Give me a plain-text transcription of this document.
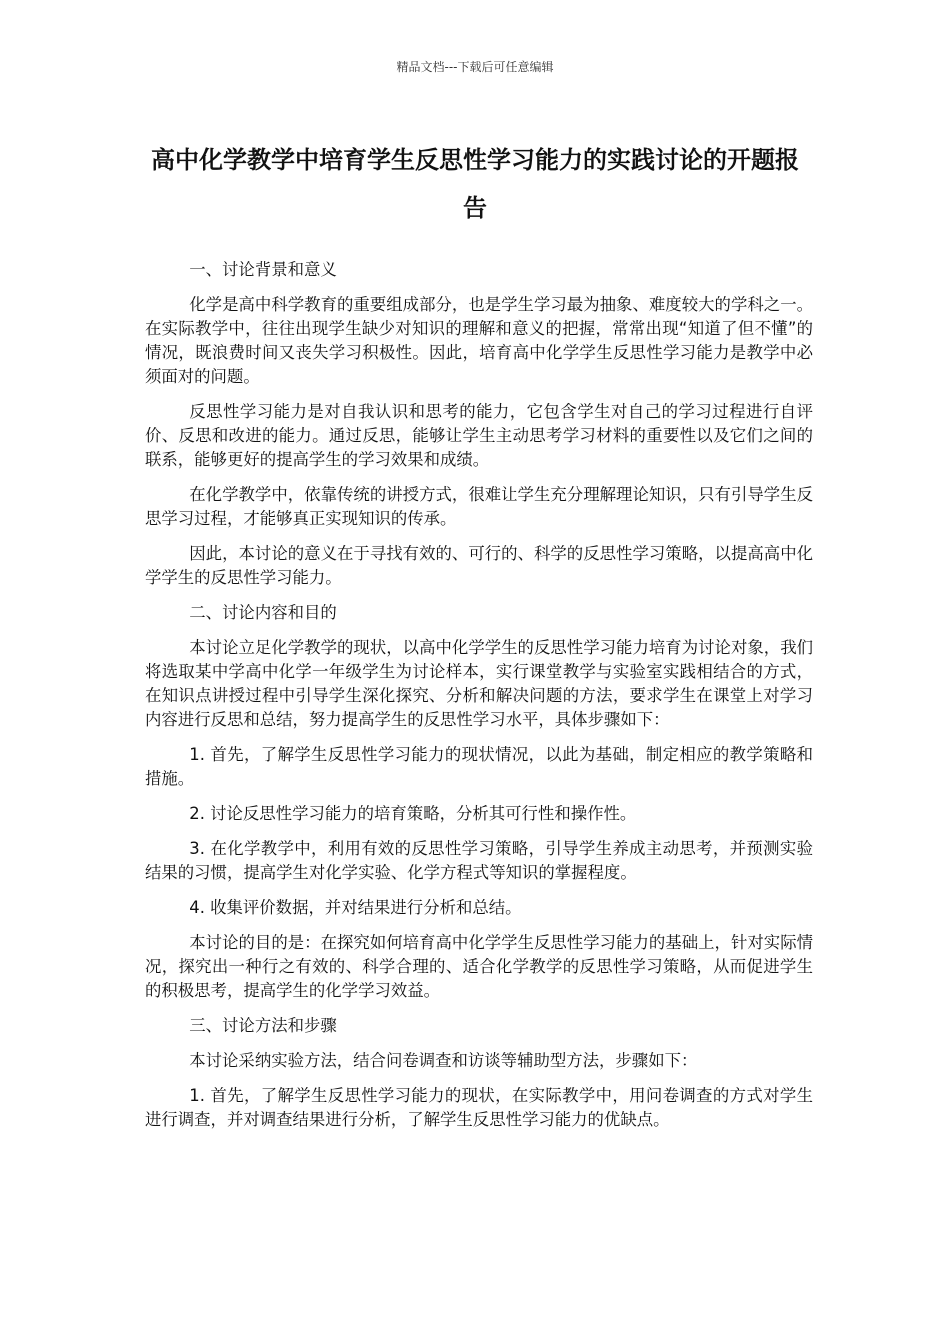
精品文档---下载后可任意编辑
高中化学教学中培育学生反思性学习能力的实践讨论的开题报告

一、讨论背景和意义

化学是高中科学教育的重要组成部分，也是学生学习最为抽象、难度较大的学科之一。在实际教学中，往往出现学生缺少对知识的理解和意义的把握，常常出现“知道了但不懂”的情况，既浪费时间又丧失学习积极性。因此，培育高中化学学生反思性学习能力是教学中必须面对的问题。

反思性学习能力是对自我认识和思考的能力，它包含学生对自己的学习过程进行自评价、反思和改进的能力。通过反思，能够让学生主动思考学习材料的重要性以及它们之间的联系，能够更好的提高学生的学习效果和成绩。

在化学教学中，依靠传统的讲授方式，很难让学生充分理解理论知识，只有引导学生反思学习过程，才能够真正实现知识的传承。

因此，本讨论的意义在于寻找有效的、可行的、科学的反思性学习策略，以提高高中化学学生的反思性学习能力。

二、讨论内容和目的

本讨论立足化学教学的现状，以高中化学学生的反思性学习能力培育为讨论对象，我们将选取某中学高中化学一年级学生为讨论样本，实行课堂教学与实验室实践相结合的方式，在知识点讲授过程中引导学生深化探究、分析和解决问题的方法，要求学生在课堂上对学习内容进行反思和总结，努力提高学生的反思性学习水平，具体步骤如下：

1. 首先，了解学生反思性学习能力的现状情况，以此为基础，制定相应的教学策略和措施。

2. 讨论反思性学习能力的培育策略，分析其可行性和操作性。

3. 在化学教学中，利用有效的反思性学习策略，引导学生养成主动思考，并预测实验结果的习惯，提高学生对化学实验、化学方程式等知识的掌握程度。

4. 收集评价数据，并对结果进行分析和总结。

本讨论的目的是：在探究如何培育高中化学学生反思性学习能力的基础上，针对实际情况，探究出一种行之有效的、科学合理的、适合化学教学的反思性学习策略，从而促进学生的积极思考，提高学生的化学学习效益。

三、讨论方法和步骤

本讨论采纳实验方法，结合问卷调查和访谈等辅助型方法，步骤如下：

1. 首先，了解学生反思性学习能力的现状，在实际教学中，用问卷调查的方式对学生进行调查，并对调查结果进行分析，了解学生反思性学习能力的优缺点。
